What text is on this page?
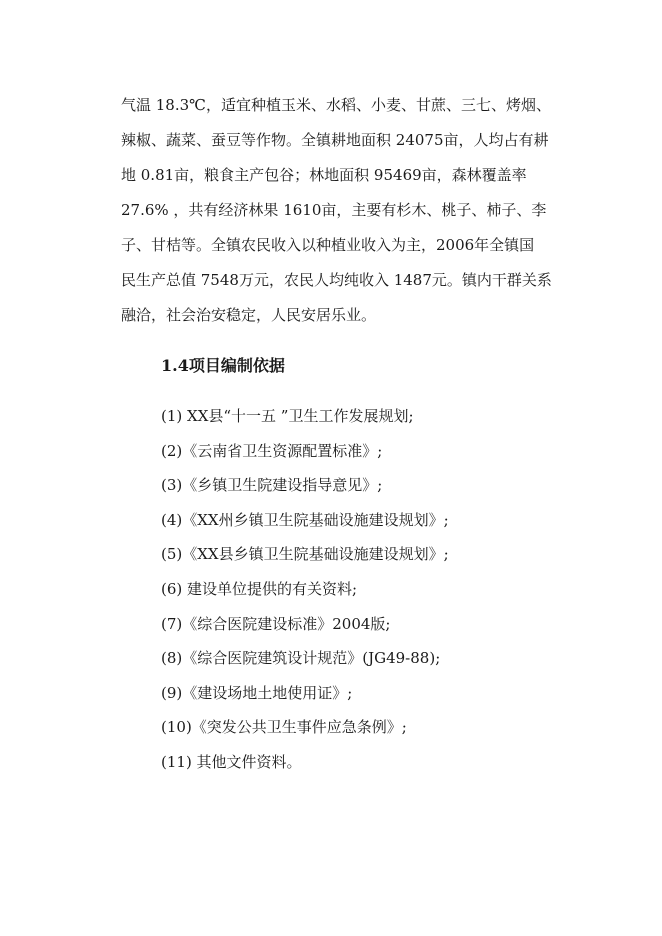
气温 18.3℃，适宜种植玉米、水稻、小麦、甘蔗、三七、烤烟、
辣椒、蔬菜、蚕豆等作物。全镇耕地面积 24075亩，人均占有耕
地 0.81亩，粮食主产包谷；林地面积 95469亩，森林覆盖率
27.6% ，共有经济林果 1610亩，主要有杉木、桃子、柿子、李
子、甘桔等。全镇农民收入以种植业收入为主，2006年全镇国
民生产总值 7548万元，农民人均纯收入 1487元。镇内干群关系
融洽，社会治安稳定，人民安居乐业。
1.4项目编制依据
(1) XX县“十一五 ”卫生工作发展规划;
(2)《云南省卫生资源配置标准》;
(3)《乡镇卫生院建设指导意见》;
(4)《XX州乡镇卫生院基础设施建设规划》;
(5)《XX县乡镇卫生院基础设施建设规划》;
(6) 建设单位提供的有关资料;
(7)《综合医院建设标准》2004版;
(8)《综合医院建筑设计规范》(JG49-88);
(9)《建设场地土地使用证》;
(10)《突发公共卫生事件应急条例》;
(11) 其他文件资料。
